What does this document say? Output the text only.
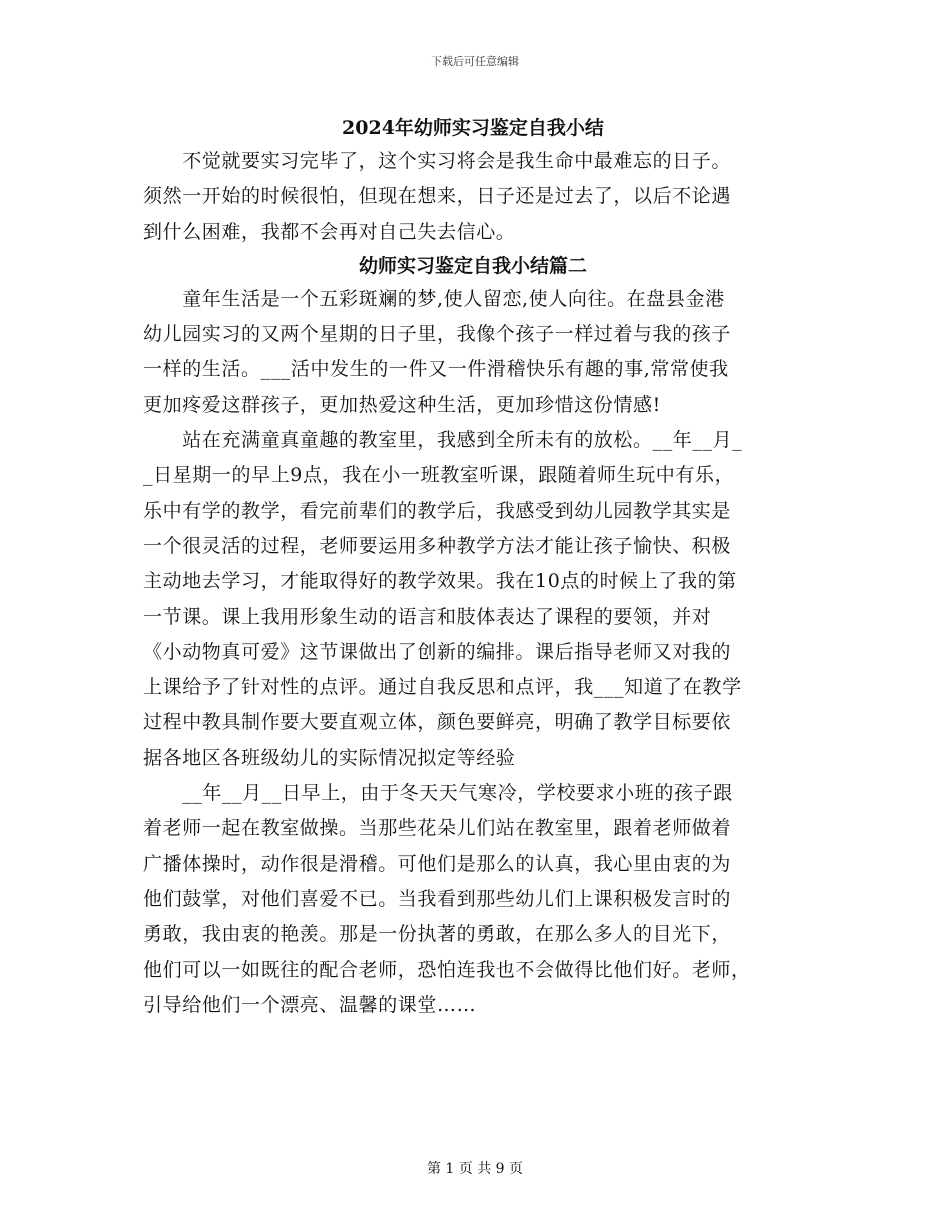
下载后可任意编辑
2024年幼师实习鉴定自我小结
　　不觉就要实习完毕了，这个实习将会是我生命中最难忘的日子。
须然一开始的时候很怕，但现在想来，日子还是过去了，以后不论遇
到什么困难，我都不会再对自己失去信心。
幼师实习鉴定自我小结篇二
　　童年生活是一个五彩斑斓的梦,使人留恋,使人向往。在盘县金港
幼儿园实习的又两个星期的日子里，我像个孩子一样过着与我的孩子
一样的生活。___活中发生的一件又一件滑稽快乐有趣的事,常常使我
更加疼爱这群孩子，更加热爱这种生活，更加珍惜这份情感!
　　站在充满童真童趣的教室里，我感到全所未有的放松。__年__月_
_日星期一的早上9点，我在小一班教室听课，跟随着师生玩中有乐，
乐中有学的教学，看完前辈们的教学后，我感受到幼儿园教学其实是
一个很灵活的过程，老师要运用多种教学方法才能让孩子愉快、积极
主动地去学习，才能取得好的教学效果。我在10点的时候上了我的第
一节课。课上我用形象生动的语言和肢体表达了课程的要领，并对
《小动物真可爱》这节课做出了创新的编排。课后指导老师又对我的
上课给予了针对性的点评。通过自我反思和点评，我___知道了在教学
过程中教具制作要大要直观立体，颜色要鲜亮，明确了教学目标要依
据各地区各班级幼儿的实际情况拟定等经验
　　__年__月__日早上，由于冬天天气寒冷，学校要求小班的孩子跟
着老师一起在教室做操。当那些花朵儿们站在教室里，跟着老师做着
广播体操时，动作很是滑稽。可他们是那么的认真，我心里由衷的为
他们鼓掌，对他们喜爱不已。当我看到那些幼儿们上课积极发言时的
勇敢，我由衷的艳羡。那是一份执著的勇敢，在那么多人的目光下，
他们可以一如既往的配合老师，恐怕连我也不会做得比他们好。老师，
引导给他们一个漂亮、温馨的课堂……
第 1 页 共 9 页
